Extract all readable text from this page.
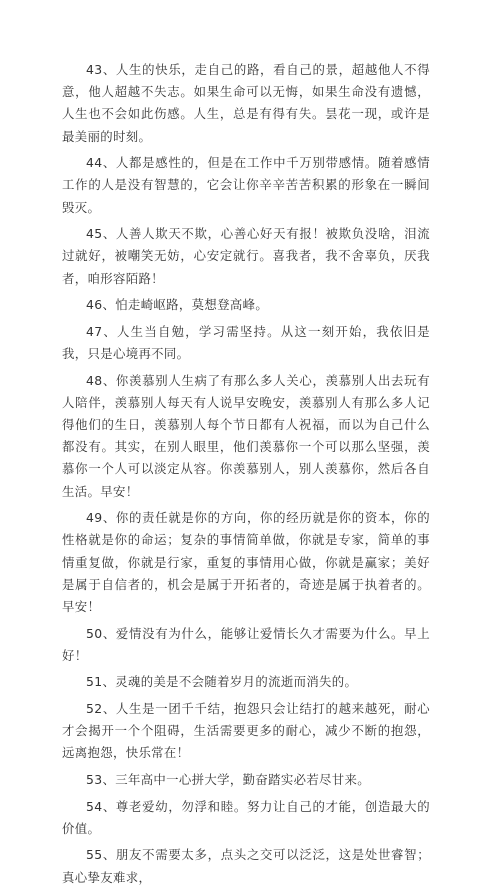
43、人生的快乐，走自己的路，看自己的景，超越他人不得意，他人超越不失志。如果生命可以无悔，如果生命没有遗憾，人生也不会如此伤感。人生，总是有得有失。昙花一现，或许是最美丽的时刻。

44、人都是感性的，但是在工作中千万别带感情。随着感情工作的人是没有智慧的，它会让你辛辛苦苦积累的形象在一瞬间毁灭。

45、人善人欺天不欺，心善心好天有报！被欺负没啥，泪流过就好，被嘲笑无妨，心安定就行。喜我者，我不舍辜负，厌我者，咱形容陌路！

46、怕走崎岖路，莫想登高峰。

47、人生当自勉，学习需坚持。从这一刻开始，我依旧是我，只是心境再不同。

48、你羡慕别人生病了有那么多人关心，羡慕别人出去玩有人陪伴，羡慕别人每天有人说早安晚安，羡慕别人有那么多人记得他们的生日，羡慕别人每个节日都有人祝福，而以为自己什么都没有。其实，在别人眼里，他们羡慕你一个可以那么坚强，羡慕你一个人可以淡定从容。你羡慕别人，别人羡慕你，然后各自生活。早安！

49、你的责任就是你的方向，你的经历就是你的资本，你的性格就是你的命运；复杂的事情简单做，你就是专家，简单的事情重复做，你就是行家，重复的事情用心做，你就是赢家；美好是属于自信者的，机会是属于开拓者的，奇迹是属于执着者的。早安！

50、爱情没有为什么，能够让爱情长久才需要为什么。早上好！

51、灵魂的美是不会随着岁月的流逝而消失的。

52、人生是一团千千结，抱怨只会让结打的越来越死，耐心才会揭开一个个阻碍，生活需要更多的耐心，减少不断的抱怨，远离抱怨，快乐常在！

53、三年高中一心拼大学，勤奋踏实必若尽甘来。

54、尊老爱幼，勿浮和睦。努力让自己的才能，创造最大的价值。

55、朋友不需要太多，点头之交可以泛泛，这是处世睿智；真心挚友难求，
